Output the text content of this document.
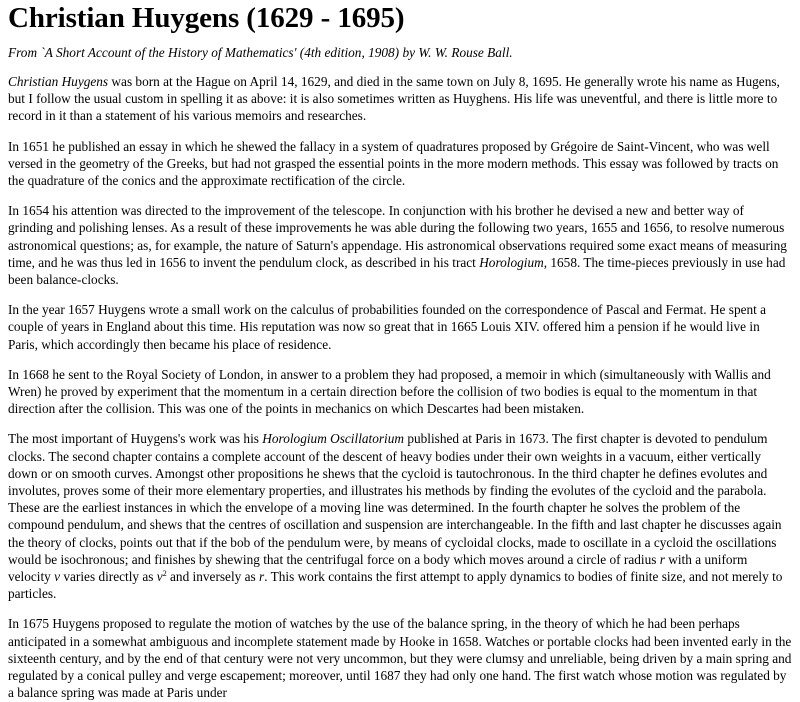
Christian Huygens (1629 - 1695)
From `A Short Account of the History of Mathematics' (4th edition, 1908) by W. W. Rouse Ball.

Christian Huygens was born at the Hague on April 14, 1629, and died in the same town on July 8, 1695. He generally wrote his name as Hugens, but I follow the usual custom in spelling it as above: it is also sometimes written as Huyghens. His life was uneventful, and there is little more to record in it than a statement of his various memoirs and researches.

In 1651 he published an essay in which he shewed the fallacy in a system of quadratures proposed by Grégoire de Saint-Vincent, who was well versed in the geometry of the Greeks, but had not grasped the essential points in the more modern methods. This essay was followed by tracts on the quadrature of the conics and the approximate rectification of the circle.

In 1654 his attention was directed to the improvement of the telescope. In conjunction with his brother he devised a new and better way of grinding and polishing lenses. As a result of these improvements he was able during the following two years, 1655 and 1656, to resolve numerous astronomical questions; as, for example, the nature of Saturn's appendage. His astronomical observations required some exact means of measuring time, and he was thus led in 1656 to invent the pendulum clock, as described in his tract Horologium, 1658. The time-pieces previously in use had been balance-clocks.

In the year 1657 Huygens wrote a small work on the calculus of probabilities founded on the correspondence of Pascal and Fermat. He spent a couple of years in England about this time. His reputation was now so great that in 1665 Louis XIV. offered him a pension if he would live in Paris, which accordingly then became his place of residence.

In 1668 he sent to the Royal Society of London, in answer to a problem they had proposed, a memoir in which (simultaneously with Wallis and Wren) he proved by experiment that the momentum in a certain direction before the collision of two bodies is equal to the momentum in that direction after the collision. This was one of the points in mechanics on which Descartes had been mistaken.

The most important of Huygens's work was his Horologium Oscillatorium published at Paris in 1673. The first chapter is devoted to pendulum clocks. The second chapter contains a complete account of the descent of heavy bodies under their own weights in a vacuum, either vertically down or on smooth curves. Amongst other propositions he shews that the cycloid is tautochronous. In the third chapter he defines evolutes and involutes, proves some of their more elementary properties, and illustrates his methods by finding the evolutes of the cycloid and the parabola. These are the earliest instances in which the envelope of a moving line was determined. In the fourth chapter he solves the problem of the compound pendulum, and shews that the centres of oscillation and suspension are interchangeable. In the fifth and last chapter he discusses again the theory of clocks, points out that if the bob of the pendulum were, by means of cycloidal clocks, made to oscillate in a cycloid the oscillations would be isochronous; and finishes by shewing that the centrifugal force on a body which moves around a circle of radius r with a uniform velocity v varies directly as $v^2$ and inversely as r. This work contains the first attempt to apply dynamics to bodies of finite size, and not merely to particles.

In 1675 Huygens proposed to regulate the motion of watches by the use of the balance spring, in the theory of which he had been perhaps anticipated in a somewhat ambiguous and incomplete statement made by Hooke in 1658. Watches or portable clocks had been invented early in the sixteenth century, and by the end of that century were not very uncommon, but they were clumsy and unreliable, being driven by a main spring and regulated by a conical pulley and verge escapement; moreover, until 1687 they had only one hand. The first watch whose motion was regulated by a balance spring was made at Paris under
